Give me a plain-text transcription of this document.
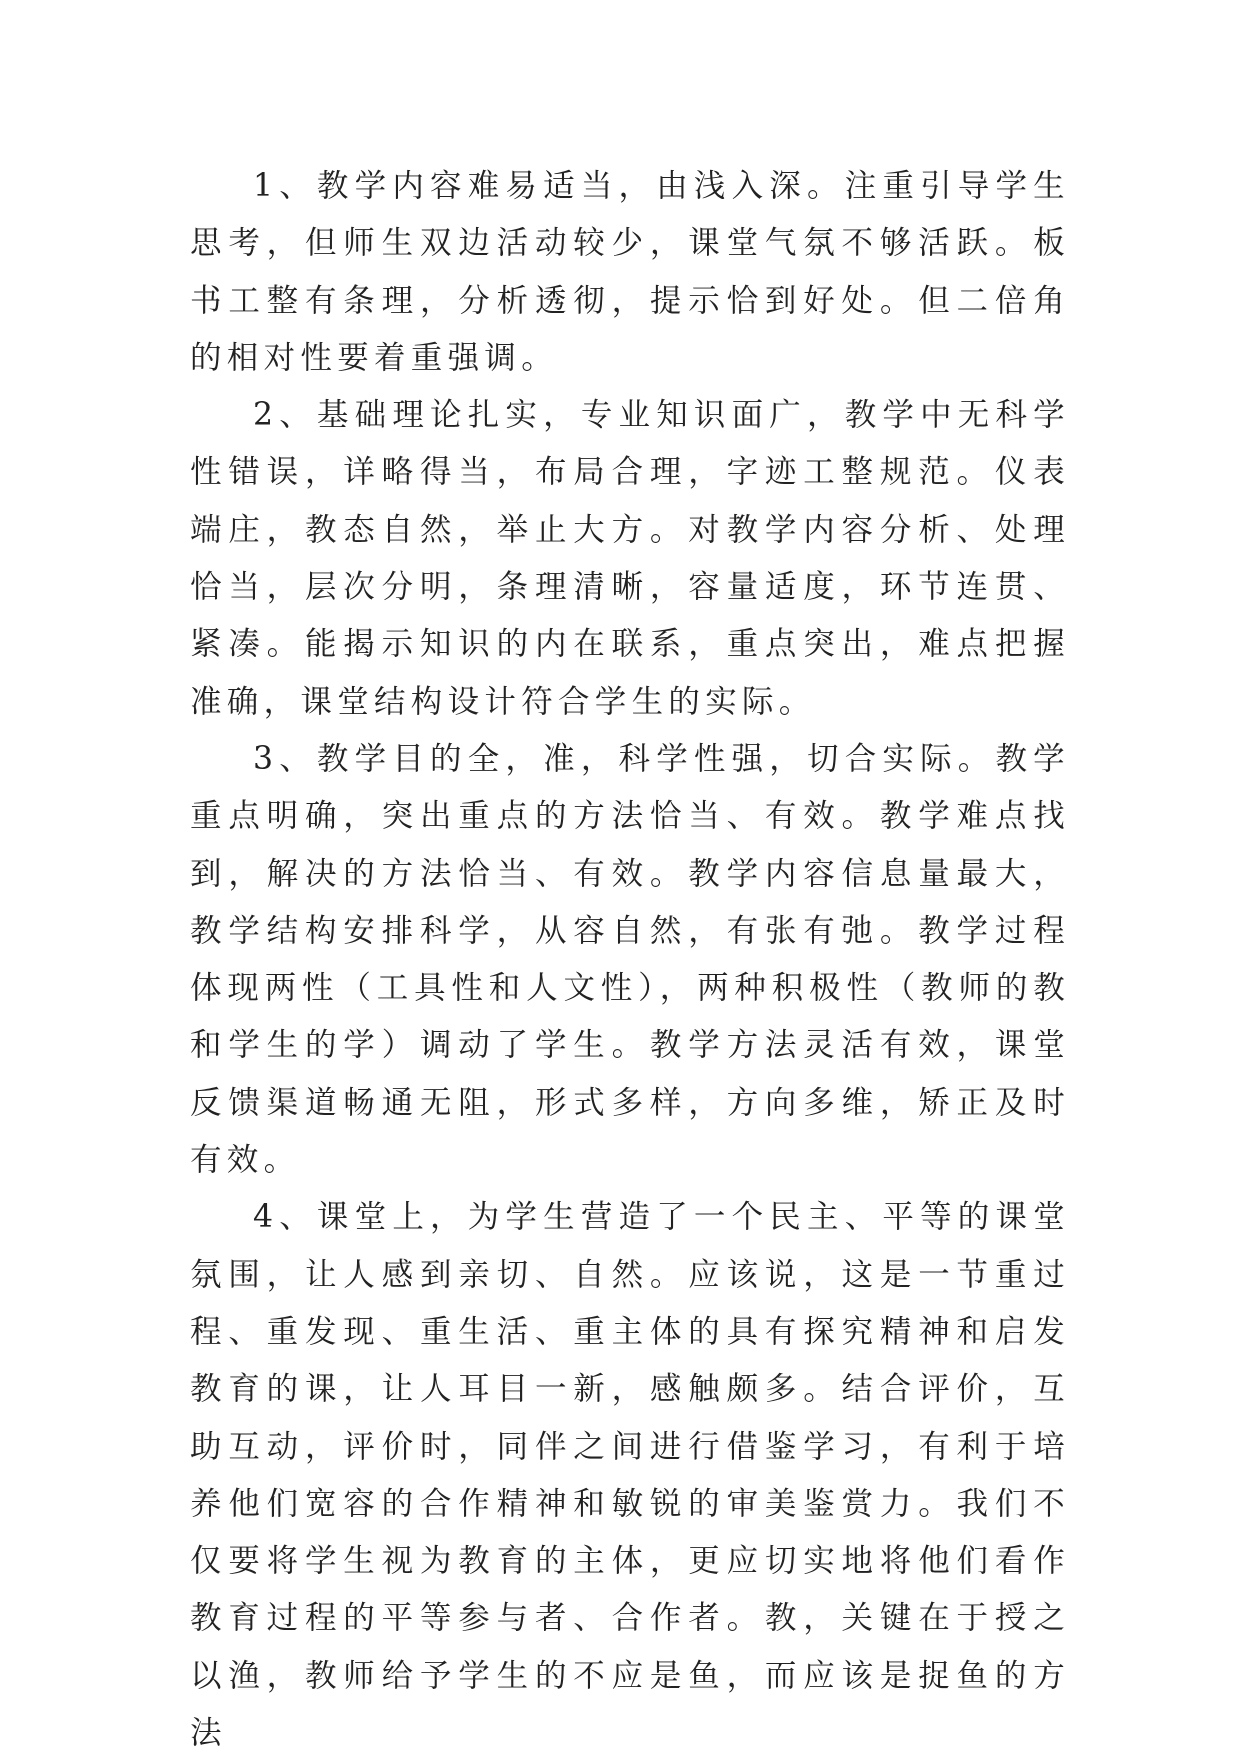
1、教学内容难易适当，由浅入深。注重引导学生思考，但师生双边活动较少，课堂气氛不够活跃。板书工整有条理，分析透彻，提示恰到好处。但二倍角的相对性要着重强调。

2、基础理论扎实，专业知识面广，教学中无科学性错误，详略得当，布局合理，字迹工整规范。仪表端庄，教态自然，举止大方。对教学内容分析、处理恰当，层次分明，条理清晰，容量适度，环节连贯、紧凑。能揭示知识的内在联系，重点突出，难点把握准确，课堂结构设计符合学生的实际。

3、教学目的全，准，科学性强，切合实际。教学重点明确，突出重点的方法恰当、有效。教学难点找到，解决的方法恰当、有效。教学内容信息量最大，教学结构安排科学，从容自然，有张有弛。教学过程体现两性（工具性和人文性），两种积极性（教师的教和学生的学）调动了学生。教学方法灵活有效，课堂反馈渠道畅通无阻，形式多样，方向多维，矫正及时有效。

4、课堂上，为学生营造了一个民主、平等的课堂氛围，让人感到亲切、自然。应该说，这是一节重过程、重发现、重生活、重主体的具有探究精神和启发教育的课，让人耳目一新，感触颇多。结合评价，互助互动，评价时，同伴之间进行借鉴学习，有利于培养他们宽容的合作精神和敏锐的审美鉴赏力。我们不仅要将学生视为教育的主体，更应切实地将他们看作教育过程的平等参与者、合作者。教，关键在于授之以渔，教师给予学生的不应是鱼，而应该是捉鱼的方法
